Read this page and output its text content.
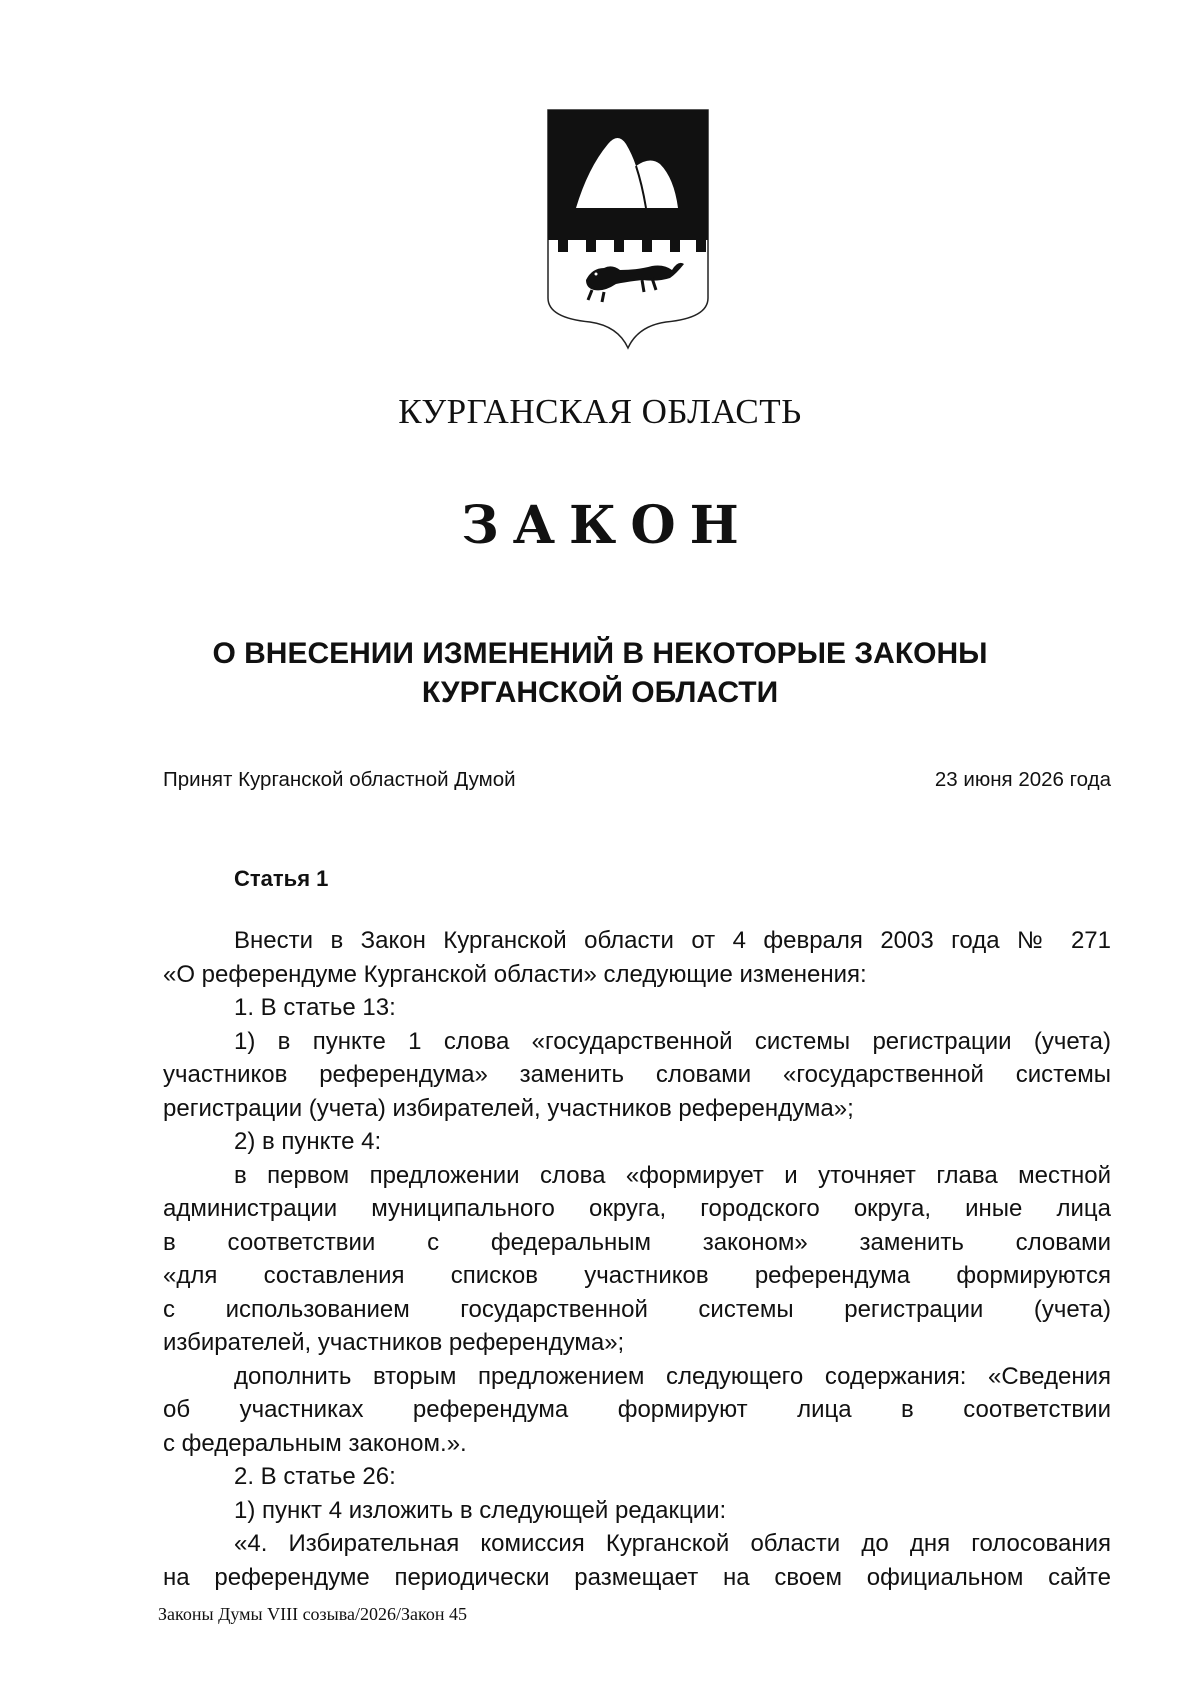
КУРГАНСКАЯ ОБЛАСТЬ
ЗАКОН
О ВНЕСЕНИИ ИЗМЕНЕНИЙ В НЕКОТОРЫЕ ЗАКОНЫ
КУРГАНСКОЙ ОБЛАСТИ
Принят Курганской областной Думой	23 июня 2026 года
Статья 1
Внести в Закон Курганской области от 4 февраля 2003 года № 271
«О референдуме Курганской области» следующие изменения:
1. В статье 13:
1) в пункте 1 слова «государственной системы регистрации (учета)
участников референдума» заменить словами «государственной системы
регистрации (учета) избирателей, участников референдума»;
2) в пункте 4:
в первом предложении слова «формирует и уточняет глава местной
администрации муниципального округа, городского округа, иные лица
в соответствии с федеральным законом» заменить словами
«для составления списков участников референдума формируются
с использованием государственной системы регистрации (учета)
избирателей, участников референдума»;
дополнить вторым предложением следующего содержания: «Сведения
об участниках референдума формируют лица в соответствии
с федеральным законом.».
2. В статье 26:
1) пункт 4 изложить в следующей редакции:
«4. Избирательная комиссия Курганской области до дня голосования
на референдуме периодически размещает на своем официальном сайте
Законы Думы VIII созыва/2026/Закон 45
